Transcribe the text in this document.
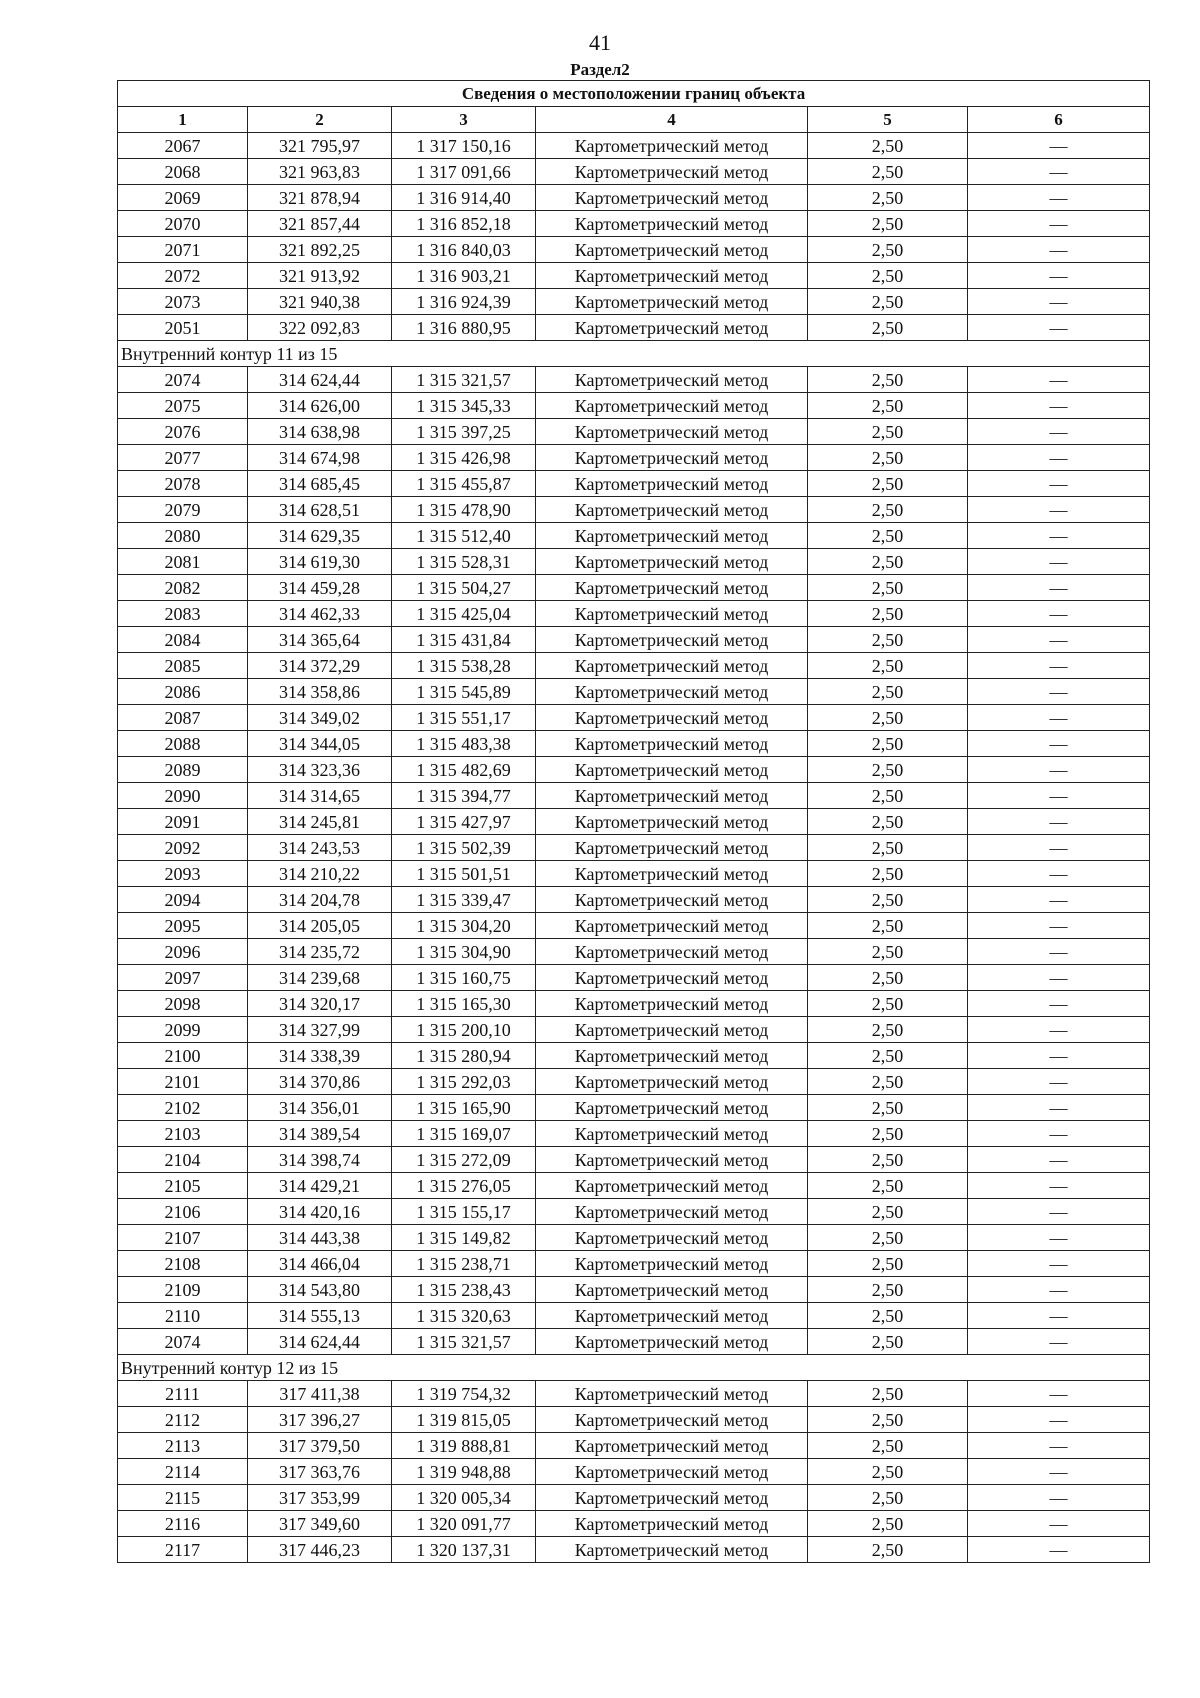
41
Раздел2
Сведения о местоположении границ объекта					
1	2	3	4	5	6
2067	321 795,97	1 317 150,16	Картометрический метод	2,50	—
2068	321 963,83	1 317 091,66	Картометрический метод	2,50	—
2069	321 878,94	1 316 914,40	Картометрический метод	2,50	—
2070	321 857,44	1 316 852,18	Картометрический метод	2,50	—
2071	321 892,25	1 316 840,03	Картометрический метод	2,50	—
2072	321 913,92	1 316 903,21	Картометрический метод	2,50	—
2073	321 940,38	1 316 924,39	Картометрический метод	2,50	—
2051	322 092,83	1 316 880,95	Картометрический метод	2,50	—
Внутренний контур 11 из 15					
2074	314 624,44	1 315 321,57	Картометрический метод	2,50	—
2075	314 626,00	1 315 345,33	Картометрический метод	2,50	—
2076	314 638,98	1 315 397,25	Картометрический метод	2,50	—
2077	314 674,98	1 315 426,98	Картометрический метод	2,50	—
2078	314 685,45	1 315 455,87	Картометрический метод	2,50	—
2079	314 628,51	1 315 478,90	Картометрический метод	2,50	—
2080	314 629,35	1 315 512,40	Картометрический метод	2,50	—
2081	314 619,30	1 315 528,31	Картометрический метод	2,50	—
2082	314 459,28	1 315 504,27	Картометрический метод	2,50	—
2083	314 462,33	1 315 425,04	Картометрический метод	2,50	—
2084	314 365,64	1 315 431,84	Картометрический метод	2,50	—
2085	314 372,29	1 315 538,28	Картометрический метод	2,50	—
2086	314 358,86	1 315 545,89	Картометрический метод	2,50	—
2087	314 349,02	1 315 551,17	Картометрический метод	2,50	—
2088	314 344,05	1 315 483,38	Картометрический метод	2,50	—
2089	314 323,36	1 315 482,69	Картометрический метод	2,50	—
2090	314 314,65	1 315 394,77	Картометрический метод	2,50	—
2091	314 245,81	1 315 427,97	Картометрический метод	2,50	—
2092	314 243,53	1 315 502,39	Картометрический метод	2,50	—
2093	314 210,22	1 315 501,51	Картометрический метод	2,50	—
2094	314 204,78	1 315 339,47	Картометрический метод	2,50	—
2095	314 205,05	1 315 304,20	Картометрический метод	2,50	—
2096	314 235,72	1 315 304,90	Картометрический метод	2,50	—
2097	314 239,68	1 315 160,75	Картометрический метод	2,50	—
2098	314 320,17	1 315 165,30	Картометрический метод	2,50	—
2099	314 327,99	1 315 200,10	Картометрический метод	2,50	—
2100	314 338,39	1 315 280,94	Картометрический метод	2,50	—
2101	314 370,86	1 315 292,03	Картометрический метод	2,50	—
2102	314 356,01	1 315 165,90	Картометрический метод	2,50	—
2103	314 389,54	1 315 169,07	Картометрический метод	2,50	—
2104	314 398,74	1 315 272,09	Картометрический метод	2,50	—
2105	314 429,21	1 315 276,05	Картометрический метод	2,50	—
2106	314 420,16	1 315 155,17	Картометрический метод	2,50	—
2107	314 443,38	1 315 149,82	Картометрический метод	2,50	—
2108	314 466,04	1 315 238,71	Картометрический метод	2,50	—
2109	314 543,80	1 315 238,43	Картометрический метод	2,50	—
2110	314 555,13	1 315 320,63	Картометрический метод	2,50	—
2074	314 624,44	1 315 321,57	Картометрический метод	2,50	—
Внутренний контур 12 из 15					
2111	317 411,38	1 319 754,32	Картометрический метод	2,50	—
2112	317 396,27	1 319 815,05	Картометрический метод	2,50	—
2113	317 379,50	1 319 888,81	Картометрический метод	2,50	—
2114	317 363,76	1 319 948,88	Картометрический метод	2,50	—
2115	317 353,99	1 320 005,34	Картометрический метод	2,50	—
2116	317 349,60	1 320 091,77	Картометрический метод	2,50	—
2117	317 446,23	1 320 137,31	Картометрический метод	2,50	—
